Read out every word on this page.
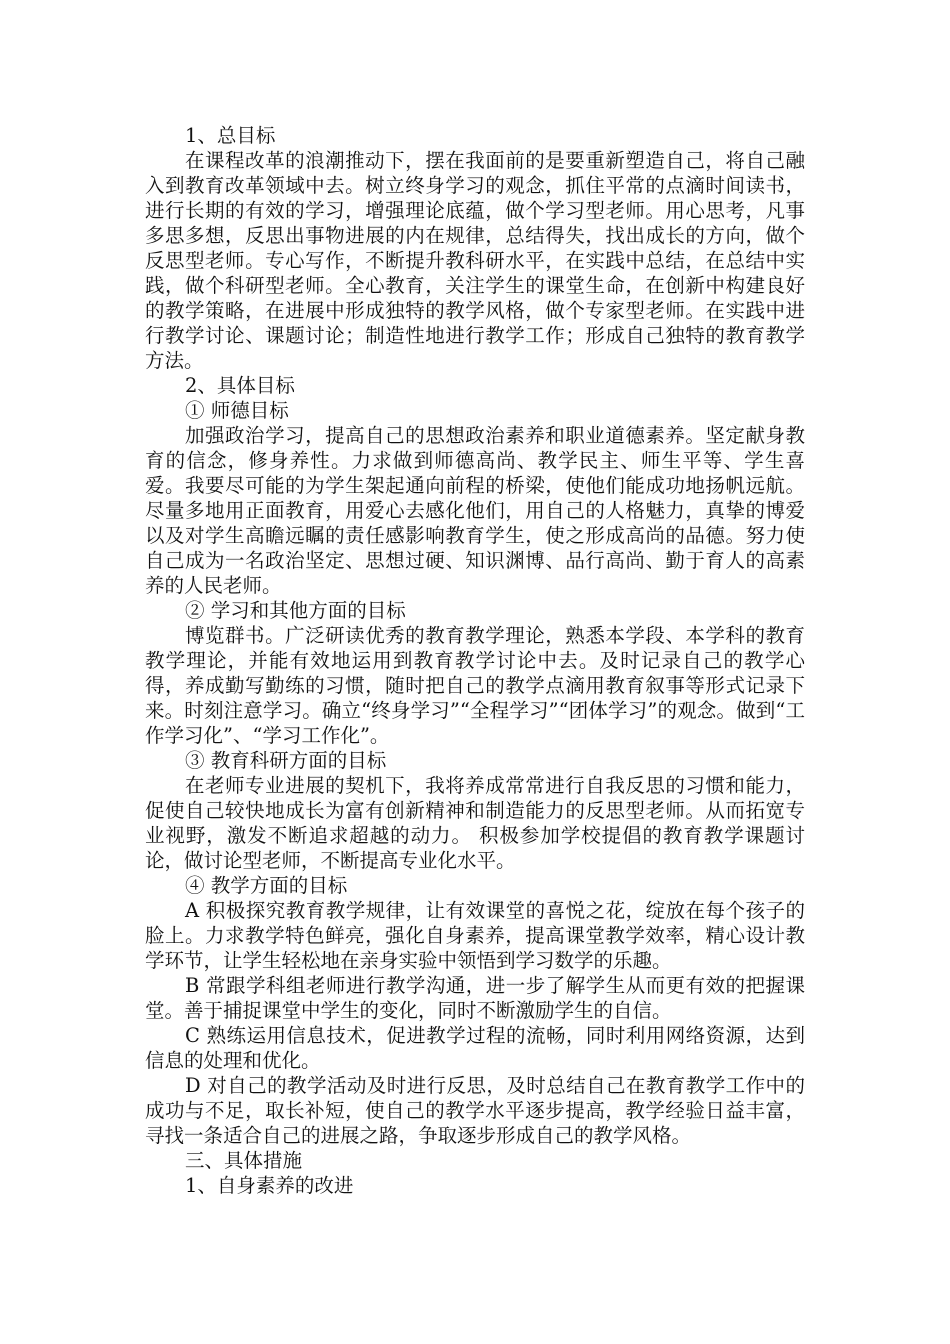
1、总目标

在课程改革的浪潮推动下，摆在我面前的是要重新塑造自己，将自己融入到教育改革领域中去。树立终身学习的观念，抓住平常的点滴时间读书，进行长期的有效的学习，增强理论底蕴，做个学习型老师。用心思考，凡事多思多想，反思出事物进展的内在规律，总结得失，找出成长的方向，做个反思型老师。专心写作，不断提升教科研水平，在实践中总结，在总结中实践，做个科研型老师。全心教育，关注学生的课堂生命，在创新中构建良好的教学策略，在进展中形成独特的教学风格，做个专家型老师。在实践中进行教学讨论、课题讨论；制造性地进行教学工作；形成自己独特的教育教学方法。

2、具体目标

① 师德目标

加强政治学习，提高自己的思想政治素养和职业道德素养。坚定献身教育的信念，修身养性。力求做到师德高尚、教学民主、师生平等、学生喜爱。我要尽可能的为学生架起通向前程的桥梁，使他们能成功地扬帆远航。尽量多地用正面教育，用爱心去感化他们，用自己的人格魅力，真挚的博爱以及对学生高瞻远瞩的责任感影响教育学生，使之形成高尚的品德。努力使自己成为一名政治坚定、思想过硬、知识渊博、品行高尚、勤于育人的高素养的人民老师。

② 学习和其他方面的目标

博览群书。广泛研读优秀的教育教学理论，熟悉本学段、本学科的教育教学理论，并能有效地运用到教育教学讨论中去。及时记录自己的教学心得，养成勤写勤练的习惯，随时把自己的教学点滴用教育叙事等形式记录下来。时刻注意学习。确立“终身学习”“全程学习”“团体学习”的观念。做到“工作学习化”、“学习工作化”。

③ 教育科研方面的目标

在老师专业进展的契机下，我将养成常常进行自我反思的习惯和能力，促使自己较快地成长为富有创新精神和制造能力的反思型老师。从而拓宽专业视野，激发不断追求超越的动力。 积极参加学校提倡的教育教学课题讨论，做讨论型老师，不断提高专业化水平。

④ 教学方面的目标

A 积极探究教育教学规律，让有效课堂的喜悦之花，绽放在每个孩子的脸上。力求教学特色鲜亮，强化自身素养，提高课堂教学效率，精心设计教学环节，让学生轻松地在亲身实验中领悟到学习数学的乐趣。

B 常跟学科组老师进行教学沟通，进一步了解学生从而更有效的把握课堂。善于捕捉课堂中学生的变化，同时不断激励学生的自信。

C 熟练运用信息技术，促进教学过程的流畅，同时利用网络资源，达到信息的处理和优化。

D 对自己的教学活动及时进行反思，及时总结自己在教育教学工作中的成功与不足，取长补短，使自己的教学水平逐步提高，教学经验日益丰富，寻找一条适合自己的进展之路，争取逐步形成自己的教学风格。

三、具体措施

1、自身素养的改进
